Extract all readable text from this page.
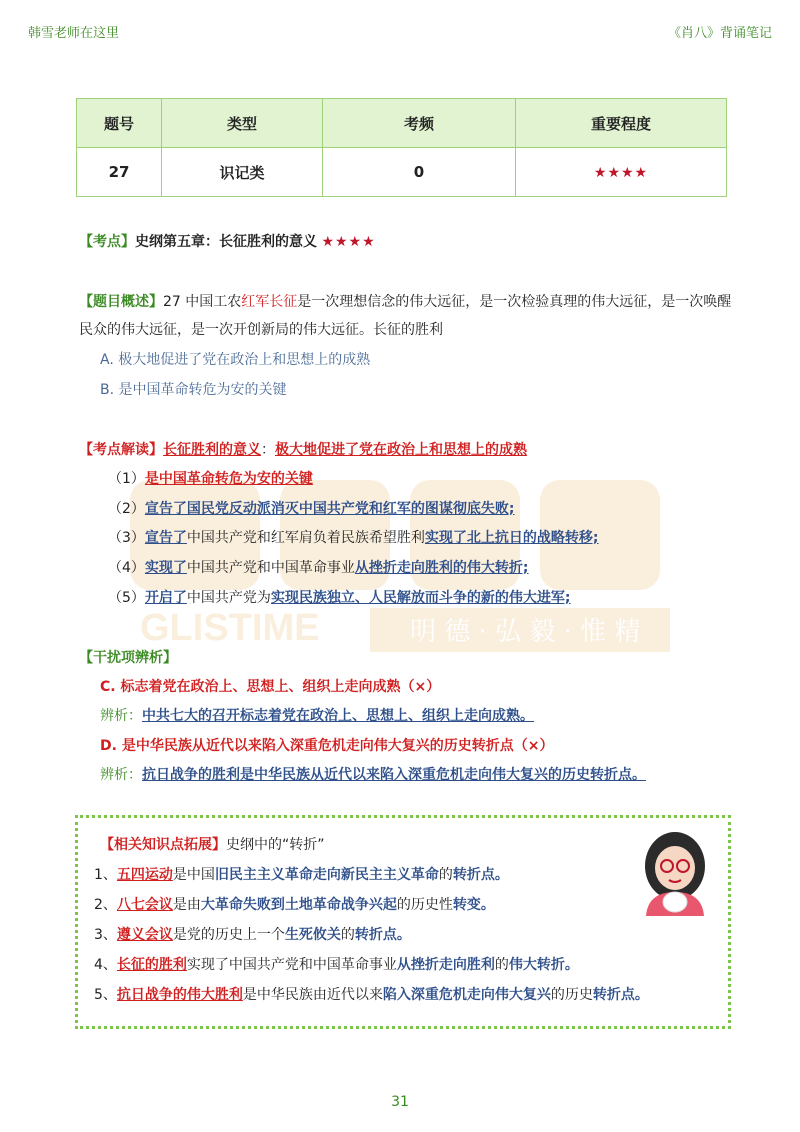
韩雪老师在这里	《肖八》背诵笔记
GLISTIME	明 德 · 弘 毅 · 惟 精
题号	类型	考频	重要程度
27	识记类	0	★★★★
【考点】史纲第五章：长征胜利的意义 ★★★★
【题目概述】27 中国工农红军长征是一次理想信念的伟大远征，是一次检验真理的伟大远征，是一次唤醒
民众的伟大远征，是一次开创新局的伟大远征。长征的胜利
A. 极大地促进了党在政治上和思想上的成熟
B. 是中国革命转危为安的关键
【考点解读】长征胜利的意义：极大地促进了党在政治上和思想上的成熟
（1）是中国革命转危为安的关键
（2）宣告了国民党反动派消灭中国共产党和红军的图谋彻底失败;
（3）宣告了中国共产党和红军肩负着民族希望胜利实现了北上抗日的战略转移;
（4）实现了中国共产党和中国革命事业从挫折走向胜利的伟大转折;
（5）开启了中国共产党为实现民族独立、人民解放而斗争的新的伟大进军;
【干扰项辨析】
C. 标志着党在政治上、思想上、组织上走向成熟（×）
辨析：中共七大的召开标志着党在政治上、思想上、组织上走向成熟。
D. 是中华民族从近代以来陷入深重危机走向伟大复兴的历史转折点（×）
辨析：抗日战争的胜利是中华民族从近代以来陷入深重危机走向伟大复兴的历史转折点。
【相关知识点拓展】史纲中的“转折”
1、五四运动是中国旧民主主义革命走向新民主主义革命的转折点。
2、八七会议是由大革命失败到土地革命战争兴起的历史性转变。
3、遵义会议是党的历史上一个生死攸关的转折点。
4、长征的胜利实现了中国共产党和中国革命事业从挫折走向胜利的伟大转折。
5、抗日战争的伟大胜利是中华民族由近代以来陷入深重危机走向伟大复兴的历史转折点。
31
